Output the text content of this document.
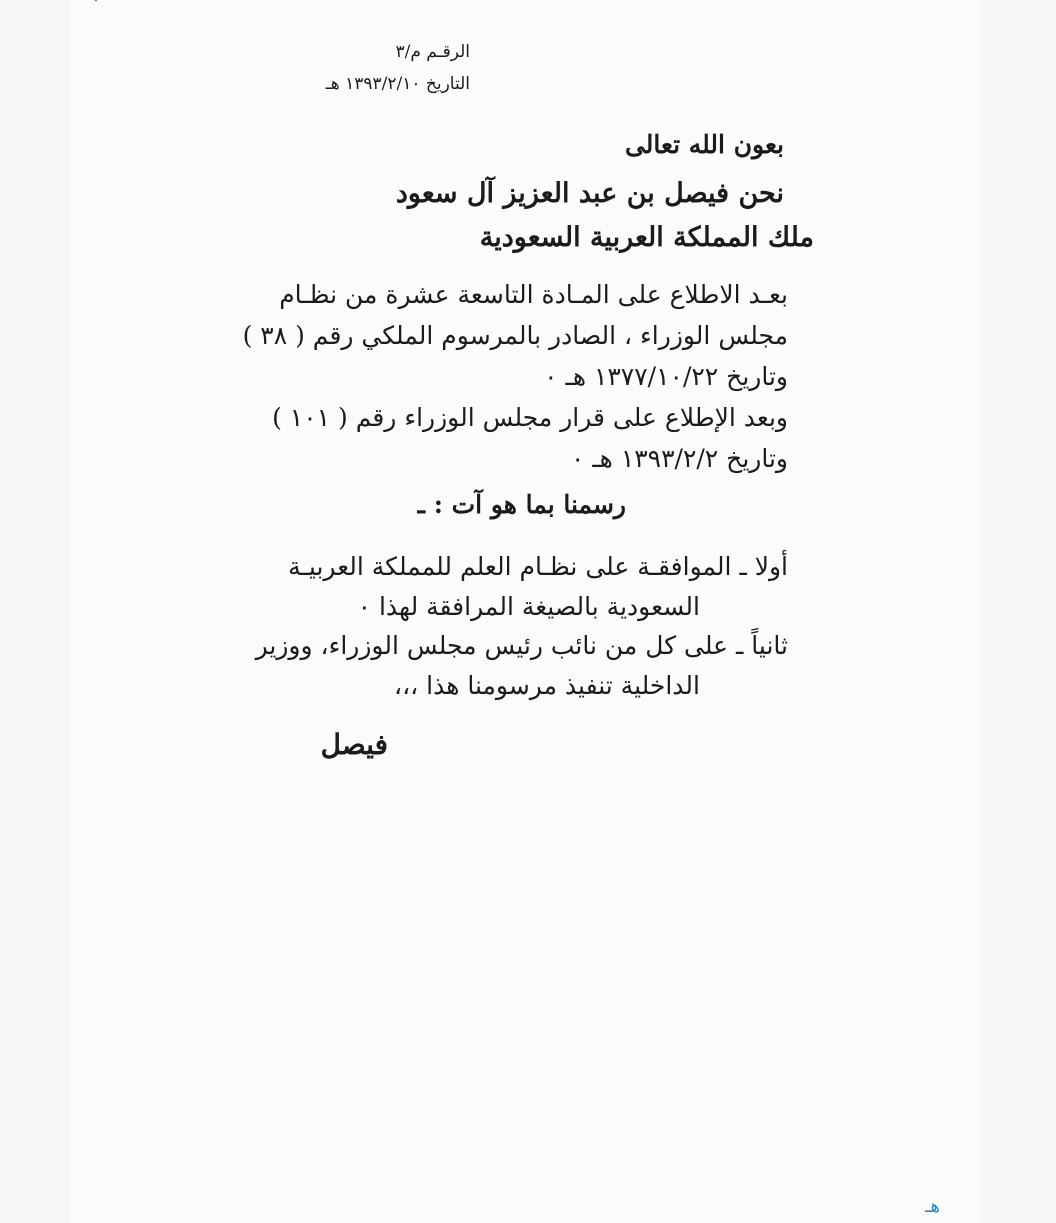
الرقـم م/٣
التاريخ ١٣٩٣/٢/١٠ هـ
بعون الله تعالى
نحن فيصل بن عبد العزيز آل سعود
ملك المملكة العربية السعودية
بعـد الاطلاع على المـادة التاسعة عشرة من نظـام
مجلس الوزراء ، الصادر بالمرسوم الملكي رقم ( ٣٨ )
وتاريخ ١٣٧٧/١٠/٢٢ هـ ٠
وبعد الإطلاع على قرار مجلس الوزراء رقم ( ١٠١ )
وتاريخ ١٣٩٣/٢/٢ هـ ٠
رسمنا بما هو آت : ـ
أولا ـ الموافقـة على نظـام العلم للمملكة العربيـة
السعودية بالصيغة المرافقة لهذا ٠
ثانياً ـ على كل من نائب رئيس مجلس الوزراء، ووزير
الداخلية تنفيذ مرسومنا هذا ،،،
فيصل
هـ
